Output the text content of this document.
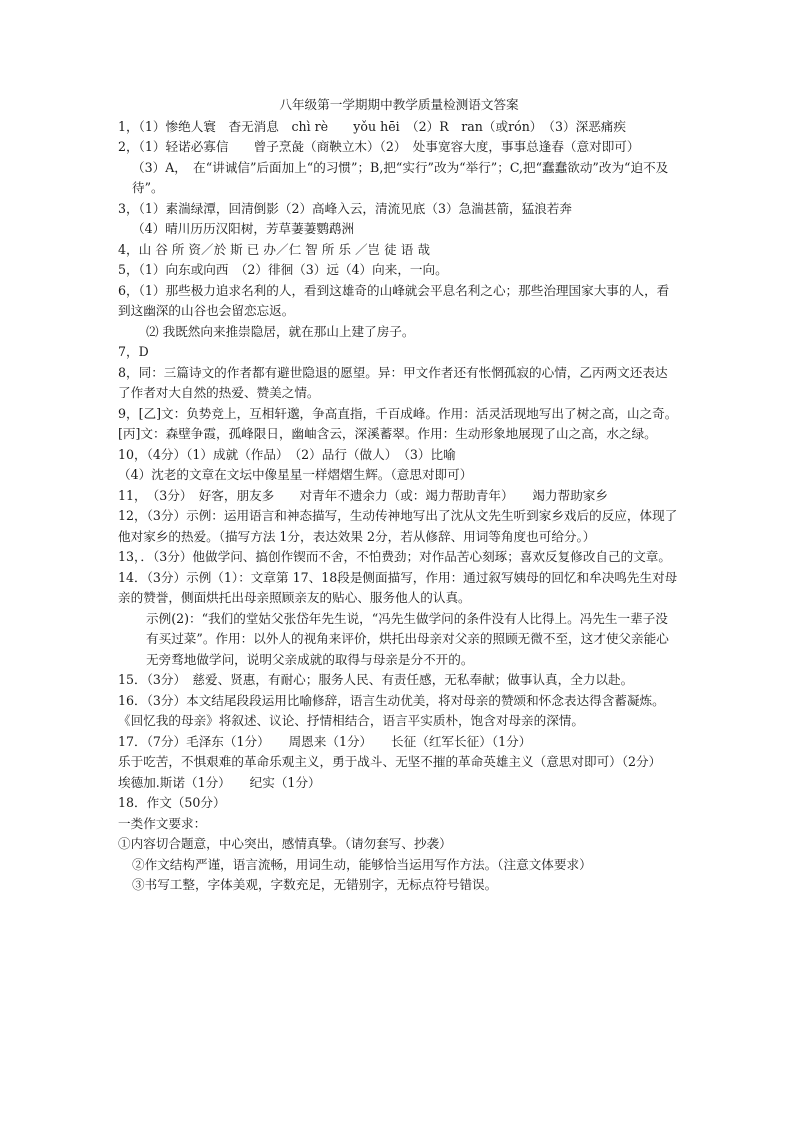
八年级第一学期期中教学质量检测语文答案

1，（1）惨绝人寰　杳无消息　chì rè　　yǒu hēi　（2）R　ran（或rón）　（3）深恶痛疾

2，（1）轻诺必寡信　　曾子烹彘（商鞅立木）（2）　处事宽容大度，事事总逢春（意对即可）

（3）A，　在“讲诚信”后面加上“的习惯”；B,把“实行”改为“举行”；C,把“蠢蠢欲动”改为“迫不及待”。

3，（1）素湍绿潭，回清倒影（2）高峰入云，清流见底（3）急湍甚箭，猛浪若奔

（4）晴川历历汉阳树，芳草萋萋鹦鹉洲

4，山 谷 所 资／於 斯 已 办／仁 智 所 乐 ／岂 徒 语 哉

5，（1）向东或向西　（2）徘徊（3）远（4）向来，一向。

6，（1）那些极力追求名利的人，看到这雄奇的山峰就会平息名利之心；那些治理国家大事的人，看到这幽深的山谷也会留恋忘返。

⑵ 我既然向来推崇隐居，就在那山上建了房子。

7，D

8，同：三篇诗文的作者都有避世隐退的愿望。异：甲文作者还有怅惘孤寂的心情，乙丙两文还表达了作者对大自然的热爱、赞美之情。

9，[乙]文：负势竞上，互相轩邈，争高直指，千百成峰。作用：活灵活现地写出了树之高，山之奇。[丙]文：森壁争霞，孤峰限日，幽岫含云，深溪蓄翠。作用：生动形象地展现了山之高，水之绿。

10，（4分）（1）成就（作品）　（2）品行（做人）　（3）比喻

（4）沈老的文章在文坛中像星星一样熠熠生辉。（意思对即可）

11，　（3分）　好客，朋友多　　对青年不遗余力（或：竭力帮助青年）　　竭力帮助家乡

12，（3分）示例：运用语言和神态描写，生动传神地写出了沈从文先生听到家乡戏后的反应，体现了他对家乡的热爱。（描写方法 1分，表达效果 2分，若从修辞、用词等角度也可给分。）

13，．（3分）他做学问、搞创作锲而不舍，不怕费劲；对作品苦心刻琢；喜欢反复修改自己的文章。

14．（3分）示例（1）：文章第 17、18段是侧面描写，作用：通过叙写姨母的回忆和牟决鸣先生对母亲的赞誉，侧面烘托出母亲照顾亲友的贴心、服务他人的认真。

示例(2)：“我们的堂姑父张岱年先生说，“冯先生做学问的条件没有人比得上。冯先生一辈子没有买过菜”。作用：以外人的视角来评价，烘托出母亲对父亲的照顾无微不至，这才使父亲能心无旁骛地做学问，说明父亲成就的取得与母亲是分不开的。

15．（3分）　慈爱、贤惠，有耐心；服务人民、有责任感，无私奉献；做事认真，全力以赴。

16．（3分）本文结尾段段运用比喻修辞，语言生动优美，将对母亲的赞颂和怀念表达得含蓄凝炼。《回忆我的母亲》将叙述、议论、抒情相结合，语言平实质朴，饱含对母亲的深情。

17．（7分）毛泽东（1分）　　周恩来（1分）　　长征（红军长征）（1分）

乐于吃苦，不惧艰难的革命乐观主义，勇于战斗、无坚不摧的革命英雄主义（意思对即可）（2分）　埃德加.斯诺（1分）　　纪实（1分）

18．作文（50分）

一类作文要求：

①内容切合题意，中心突出，感情真挚。（请勿套写、抄袭）

②作文结构严谨，语言流畅，用词生动，能够恰当运用写作方法。（注意文体要求）

③书写工整，字体美观，字数充足，无错别字，无标点符号错误。
